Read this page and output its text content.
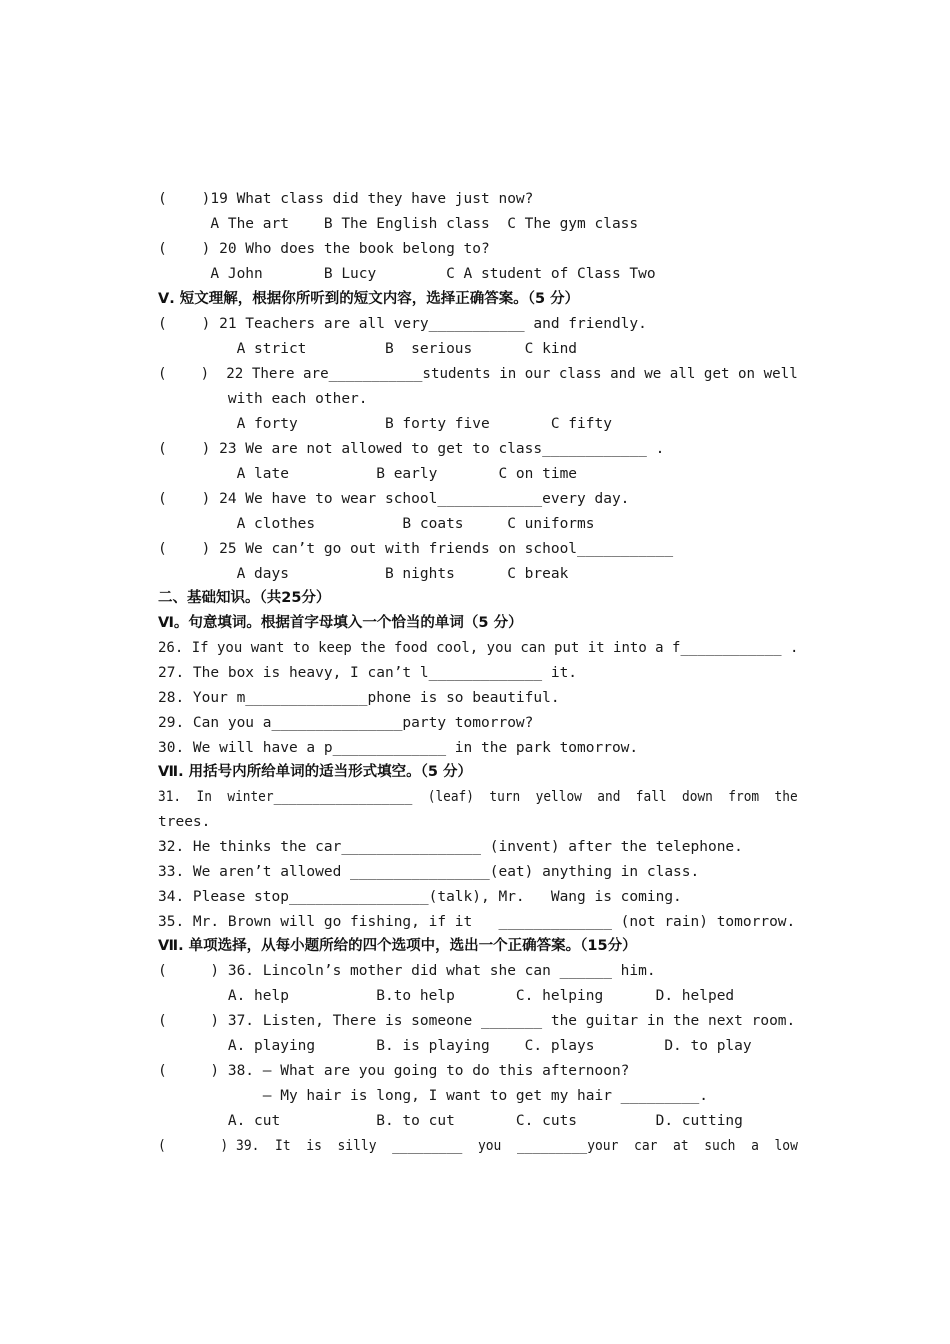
(    )19 What class did they have just now?
A The art    B The English class  C The gym class
(    ) 20 Who does the book belong to?
A John       B Lucy        C A student of Class Two
Ⅴ. 短文理解，根据你所听到的短文内容，选择正确答案。（5 分）
(    ) 21 Teachers are all very___________ and friendly.
A strict         B  serious      C kind
(    )  22 There are___________students in our class and we all get on well
with each other.
A forty          B forty five       C fifty
(    ) 23 We are not allowed to get to class____________ .
A late          B early       C on time
(    ) 24 We have to wear school____________every day.
A clothes          B coats     C uniforms
(    ) 25 We can’t go out with friends on school___________
A days           B nights      C break
二、基础知识。（共25分）
Ⅵ。句意填词。根据首字母填入一个恰当的单词（5 分）
26. If you want to keep the food cool, you can put it into a f____________ .
27. The box is heavy, I can’t l_____________ it.
28. Your m______________phone is so beautiful.
29. Can you a_______________party tomorrow?
30. We will have a p_____________ in the park tomorrow.
Ⅶ. 用括号内所给单词的适当形式填空。（5 分）
31.  In  winter__________________  (leaf)  turn  yellow  and  fall  down  from  the
trees.
32. He thinks the car________________ (invent) after the telephone.
33. We aren’t allowed ________________(eat) anything in class.
34. Please stop________________(talk), Mr.   Wang is coming.
35. Mr. Brown will go fishing, if it   _____________ (not rain) tomorrow.
Ⅶ. 单项选择，从每小题所给的四个选项中，选出一个正确答案。（15分）
(     ) 36. Lincoln’s mother did what she can ______ him.
A. help          B.to help       C. helping      D. helped
(     ) 37. Listen, There is someone _______ the guitar in the next room.
A. playing       B. is playing    C. plays        D. to play
(     ) 38. — What are you going to do this afternoon?
— My hair is long, I want to get my hair _________.
A. cut           B. to cut       C. cuts         D. cutting
(       ) 39.  It  is  silly  _________  you  _________your  car  at  such  a  low
